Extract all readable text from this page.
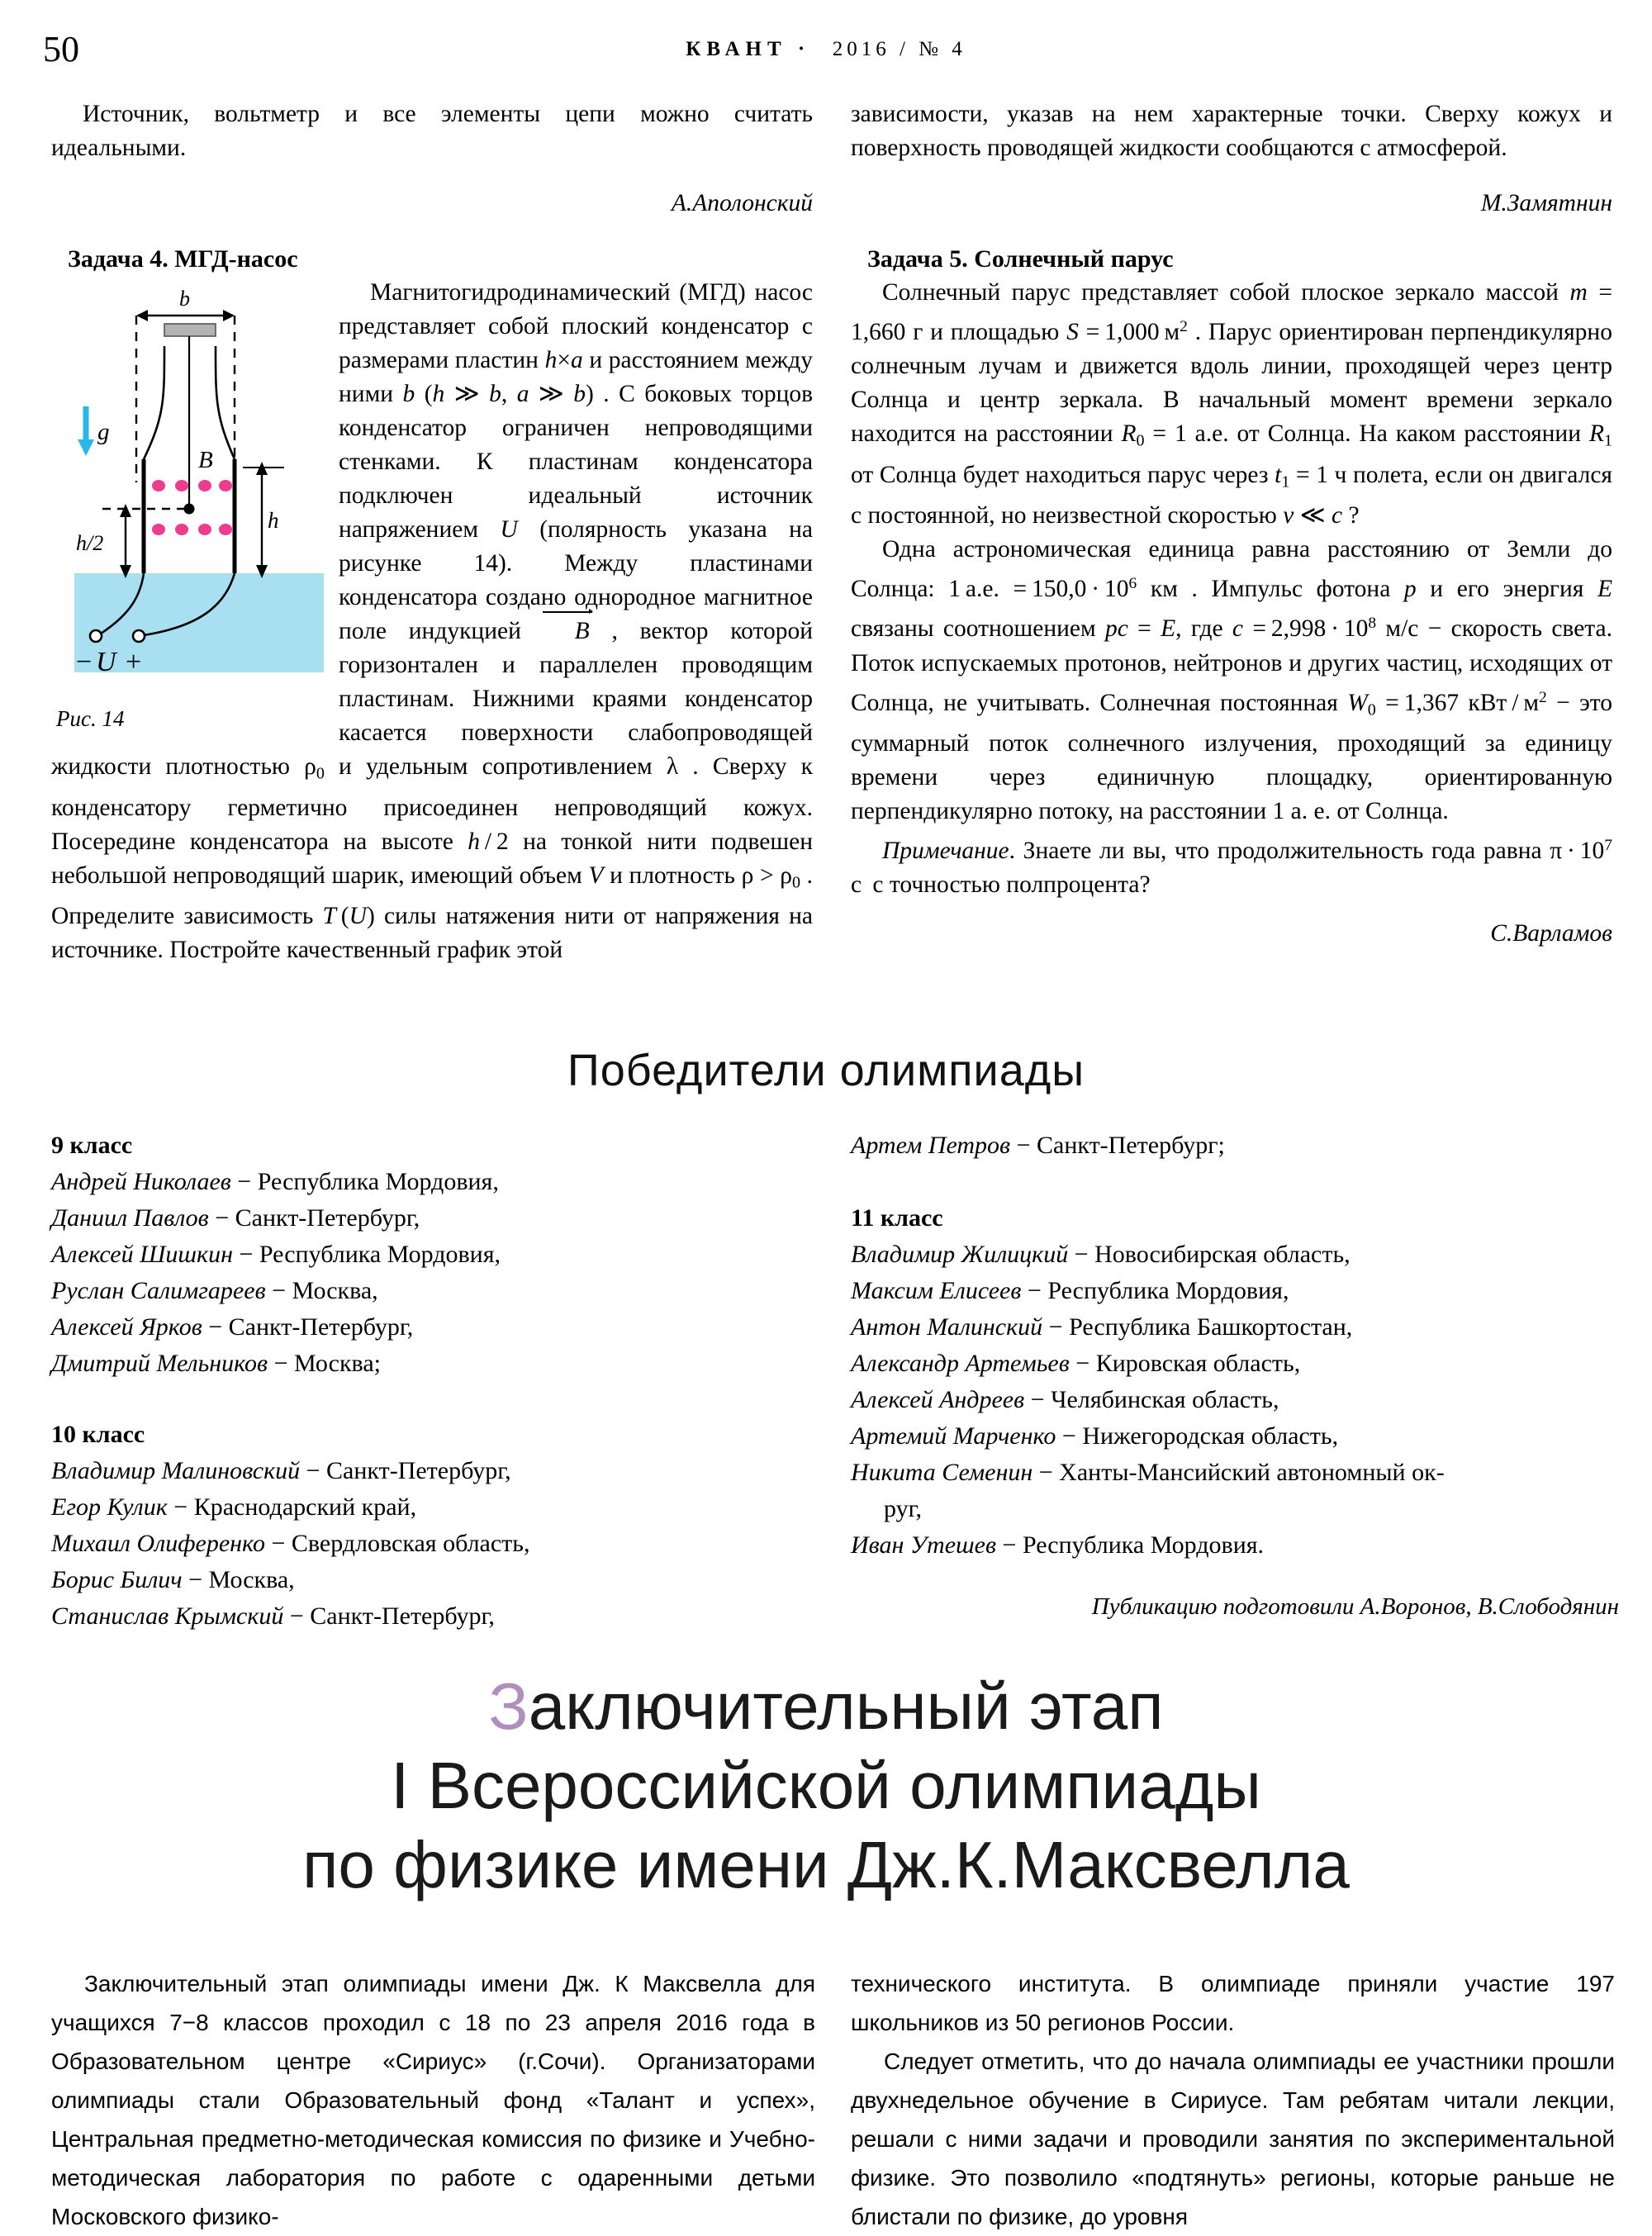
50	КВАНТ · 2016 / № 4

Источник, вольтметр и все элементы цепи можно считать идеальными.

А.Аполонский

Задача 4. МГД-насос

b
B
h
h/2
g
− U +
Рис. 14

Магнитогидродинамический (МГД) насос представляет собой плоский конденсатор с размерами пластин h×a и расстоянием между ними b (h ≫ b, a ≫ b) . С боковых торцов конденсатор ограничен непроводящими стенками. К пластинам конденсатора подключен идеальный источник напряжением U (полярность указана на рисунке 14). Между пластинами конденсатора создано однородное магнитное поле индукцией B , вектор которой горизонтален и параллелен проводящим пластинам. Нижними краями конденсатор касается поверхности слабопроводящей жидкости плотностью $\rho_0$ и удельным сопротивлением λ . Сверху к конденсатору герметично присоединен непроводящий кожух. Посередине конденсатора на высоте h / 2 на тонкой нити подвешен небольшой непроводящий шарик, имеющий объем V и плотность $\rho > \rho_0$ . Определите зависимость T (U) силы натяжения нити от напряжения на источнике. Постройте качественный график этой

зависимости, указав на нем характерные точки. Сверху кожух и поверхность проводящей жидкости сообщаются с атмосферой.

М.Замятнин

Задача 5. Солнечный парус

Солнечный парус представляет собой плоское зеркало массой m = 1,660 г и площадью S = 1,000 $м^2$ . Парус ориентирован перпендикулярно солнечным лучам и движется вдоль линии, проходящей через центр Солнца и центр зеркала. В начальный момент времени зеркало находится на расстоянии $R_0 = 1$ а.е. от Солнца. На каком расстоянии $R_1$ от Солнца будет находиться парус через $t_1 = 1$ ч полета, если он двигался с постоянной, но неизвестной скоростью v ≪ c ?

Одна астрономическая единица равна расстоянию от Земли до Солнца: 1 а.е. = $150,0 \cdot 10^6$ км . Импульс фотона p и его энергия E связаны соотношением pc = E, где $c = 2,998 \cdot 10^8$ м/с − скорость света. Поток испускаемых протонов, нейтронов и других частиц, исходящих от Солнца, не учитывать. Солнечная постоянная $W_0 = 1,367$ кВт / $м^2$ − это суммарный поток солнечного излучения, проходящий за единицу времени через единичную площадку, ориентированную перпендикулярно потоку, на расстоянии 1 а. е. от Солнца.

Примечание. Знаете ли вы, что продолжительность года равна $\pi \cdot 10^7$ с  с точностью полпроцента?

С.Варламов

Победители олимпиады

9 класс

Андрей Николаев − Республика Мордовия,

Даниил Павлов − Санкт-Петербург,

Алексей Шишкин − Республика Мордовия,

Руслан Салимгареев − Москва,

Алексей Ярков − Санкт-Петербург,

Дмитрий Мельников − Москва;

10 класс

Владимир Малиновский − Санкт-Петербург,

Егор Кулик − Краснодарский край,

Михаил Олиференко − Свердловская область,

Борис Билич − Москва,

Станислав Крымский − Санкт-Петербург,

Артем Петров − Санкт-Петербург;

11 класс

Владимир Жилицкий − Новосибирская область,

Максим Елисеев − Республика Мордовия,

Антон Малинский − Республика Башкортостан,

Александр Артемьев − Кировская область,

Алексей Андреев − Челябинская область,

Артемий Марченко − Нижегородская область,

Никита Семенин − Ханты-Мансийский автономный ок-

руг,

Иван Утешев − Республика Мордовия.

Публикацию подготовили А.Воронов, В.Слободянин

Заключительный этап
I Всероссийской олимпиады
по физике имени Дж.К.Максвелла

Заключительный этап олимпиады имени Дж. К Максвелла для учащихся 7−8 классов проходил с 18 по 23 апреля 2016 года в Образовательном центре «Сириус» (г.Сочи). Организаторами олимпиады стали Образовательный фонд «Талант и успех», Центральная предметно-методическая комиссия по физике и Учебно-методическая лаборатория по работе с одаренными детьми Московского физико-

технического института. В олимпиаде приняли участие 197 школьников из 50 регионов России.

Следует отметить, что до начала олимпиады ее участники прошли двухнедельное обучение в Сириусе. Там ребятам читали лекции, решали с ними задачи и проводили занятия по экспериментальной физике. Это позволило «подтянуть» регионы, которые раньше не блистали по физике, до уровня
